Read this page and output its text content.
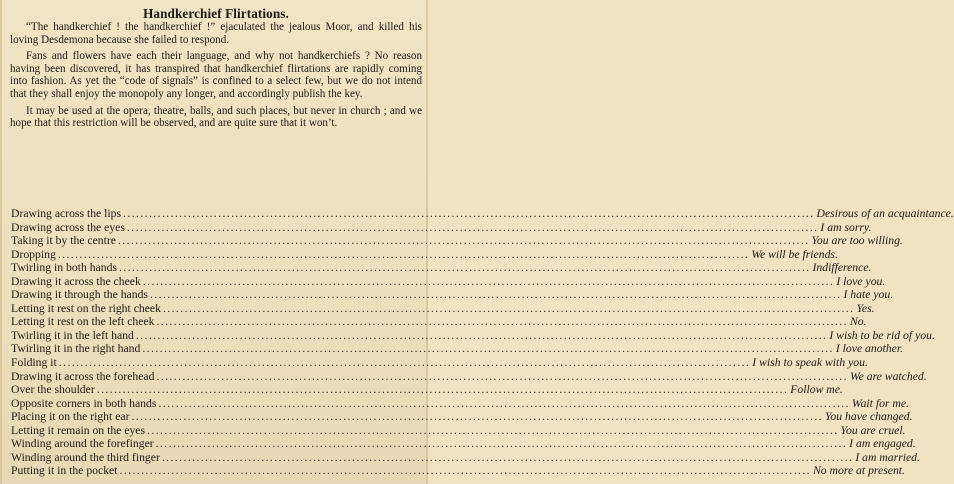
Handkerchief Flirtations.

“The handkerchief ! the handkerchief !” ejaculated the jealous Moor, and killed his loving Desdemona because she failed to respond.

Fans and flowers have each their language, and why not handkerchiefs ? No reason having been discovered, it has transpired that handkerchief flirtations are rapidly coming into fashion. As yet the “code of signals” is confined to a select few, but we do not intend that they shall enjoy the monopoly any longer, and accordingly publish the key.

It may be used at the opera, theatre, balls, and such places, but never in church ; and we hope that this restriction will be observed, and are quite sure that it won’t.

Drawing across the lips ................................................................................................................................................................ Desirous of an acquaintance.
Drawing across the eyes ................................................................................................................................................................ I am sorry.
Taking it by the centre ................................................................................................................................................................ You are too willing.
Dropping ................................................................................................................................................................ We will be friends.
Twirling in both hands ................................................................................................................................................................ Indifference.
Drawing it across the cheek ................................................................................................................................................................ I love you.
Drawing it through the hands ................................................................................................................................................................ I hate you.
Letting it rest on the right cheek ................................................................................................................................................................ Yes.
Letting it rest on the left cheek ................................................................................................................................................................ No.
Twirling it in the left hand ................................................................................................................................................................ I wish to be rid of you.
Twirling it in the right hand ................................................................................................................................................................ I love another.
Folding it ................................................................................................................................................................ I wish to speak with you.
Drawing it across the forehead ................................................................................................................................................................ We are watched.
Over the shoulder ................................................................................................................................................................ Follow me.
Opposite corners in both hands ................................................................................................................................................................ Wait for me.
Placing it on the right ear ................................................................................................................................................................ You have changed.
Letting it remain on the eyes ................................................................................................................................................................ You are cruel.
Winding around the forefinger ................................................................................................................................................................ I am engaged.
Winding around the third finger ................................................................................................................................................................ I am married.
Putting it in the pocket ................................................................................................................................................................ No more at present.
